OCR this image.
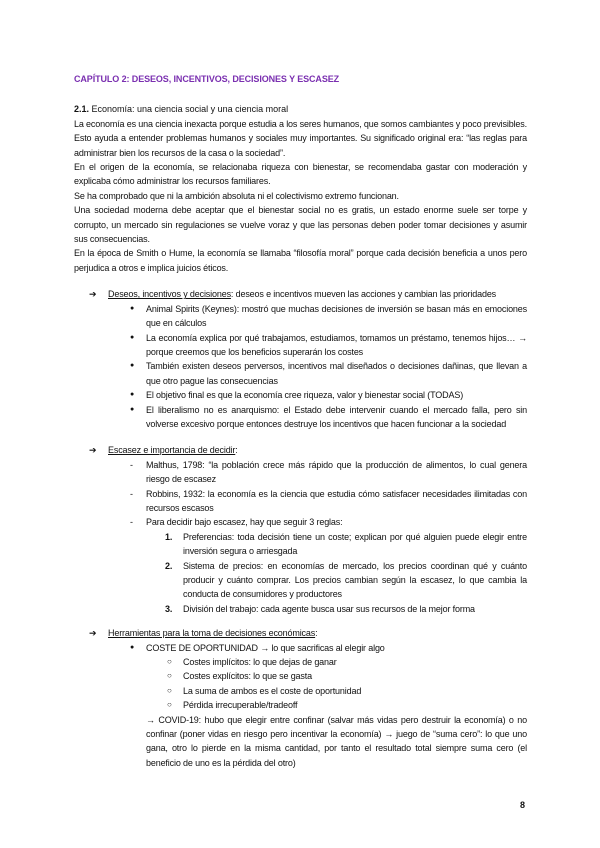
CAPÍTULO 2: DESEOS, INCENTIVOS, DECISIONES Y ESCASEZ

2.1. Economía: una ciencia social y una ciencia moral

La economía es una ciencia inexacta porque estudia a los seres humanos, que somos cambiantes y poco previsibles. Esto ayuda a entender problemas humanos y sociales muy importantes. Su significado original era: “las reglas para administrar bien los recursos de la casa o la sociedad”.

En el origen de la economía, se relacionaba riqueza con bienestar, se recomendaba gastar con moderación y explicaba cómo administrar los recursos familiares.

Se ha comprobado que ni la ambición absoluta ni el colectivismo extremo funcionan.

Una sociedad moderna debe aceptar que el bienestar social no es gratis, un estado enorme suele ser torpe y corrupto, un mercado sin regulaciones se vuelve voraz y que las personas deben poder tomar decisiones y asumir sus consecuencias.

En la época de Smith o Hume, la economía se llamaba “filosofía moral” porque cada decisión beneficia a unos pero perjudica a otros e implica juicios éticos.

➔ Deseos, incentivos y decisiones: deseos e incentivos mueven las acciones y cambian las prioridades

● Animal Spirits (Keynes): mostró que muchas decisiones de inversión se basan más en emociones que en cálculos
● La economía explica por qué trabajamos, estudiamos, tomamos un préstamo, tenemos hijos… → porque creemos que los beneficios superarán los costes
● También existen deseos perversos, incentivos mal diseñados o decisiones dañinas, que llevan a que otro pague las consecuencias
● El objetivo final es que la economía cree riqueza, valor y bienestar social (TODAS)
● El liberalismo no es anarquismo: el Estado debe intervenir cuando el mercado falla, pero sin volverse excesivo porque entonces destruye los incentivos que hacen funcionar a la sociedad

➔ Escasez e importancia de decidir:

- Malthus, 1798: “la población crece más rápido que la producción de alimentos, lo cual genera riesgo de escasez
- Robbins, 1932: la economía es la ciencia que estudia cómo satisfacer necesidades ilimitadas con recursos escasos
- Para decidir bajo escasez, hay que seguir 3 reglas:
1. Preferencias: toda decisión tiene un coste; explican por qué alguien puede elegir entre inversión segura o arriesgada
2. Sistema de precios: en economías de mercado, los precios coordinan qué y cuánto producir y cuánto comprar. Los precios cambian según la escasez, lo que cambia la conducta de consumidores y productores
3. División del trabajo: cada agente busca usar sus recursos de la mejor forma

➔ Herramientas para la toma de decisiones económicas:

● COSTE DE OPORTUNIDAD → lo que sacrificas al elegir algo
○ Costes implícitos: lo que dejas de ganar
○ Costes explícitos: lo que se gasta
○ La suma de ambos es el coste de oportunidad
○ Pérdida irrecuperable/tradeoff

→ COVID-19: hubo que elegir entre confinar (salvar más vidas pero destruir la economía) o no confinar (poner vidas en riesgo pero incentivar la economía) → juego de “suma cero”: lo que uno gana, otro lo pierde en la misma cantidad, por tanto el resultado total siempre suma cero (el beneficio de uno es la pérdida del otro)

8
